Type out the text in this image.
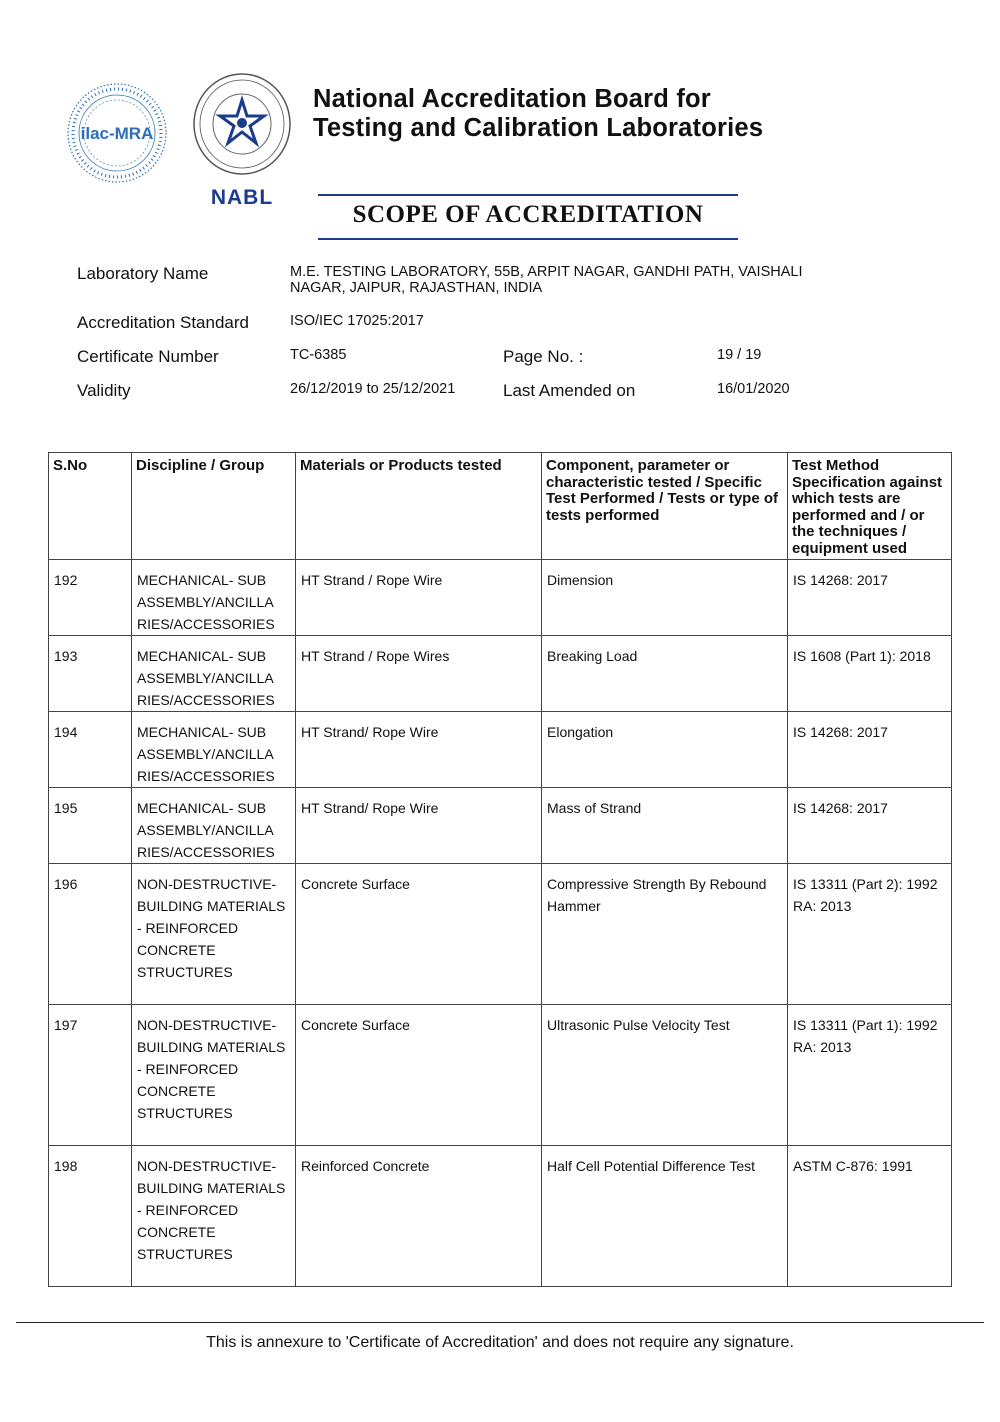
ilac-MRA
NABL
National Accreditation Board for
Testing and Calibration Laboratories
SCOPE OF ACCREDITATION
Laboratory Name	M.E. TESTING LABORATORY, 55B, ARPIT NAGAR, GANDHI PATH, VAISHALI
NAGAR, JAIPUR, RAJASTHAN, INDIA
Accreditation Standard	ISO/IEC 17025:2017
Certificate Number	TC-6385	Page No. :	19 / 19
Validity	26/12/2019 to 25/12/2021	Last Amended on	16/01/2020
S.No	Discipline / Group	Materials or Products tested	Component, parameter or characteristic tested / Specific Test Performed / Tests or type of tests performed	Test Method Specification against which tests are performed and / or the techniques / equipment used
192	MECHANICAL- SUB ASSEMBLY/ANCILLA RIES/ACCESSORIES	HT Strand / Rope Wire	Dimension	IS 14268: 2017
193	MECHANICAL- SUB ASSEMBLY/ANCILLA RIES/ACCESSORIES	HT Strand / Rope Wires	Breaking Load	IS 1608 (Part 1): 2018
194	MECHANICAL- SUB ASSEMBLY/ANCILLA RIES/ACCESSORIES	HT Strand/ Rope Wire	Elongation	IS 14268: 2017
195	MECHANICAL- SUB ASSEMBLY/ANCILLA RIES/ACCESSORIES	HT Strand/ Rope Wire	Mass of Strand	IS 14268: 2017
196	NON-DESTRUCTIVE- BUILDING MATERIALS - REINFORCED CONCRETE STRUCTURES	Concrete Surface	Compressive Strength By Rebound Hammer	IS 13311 (Part 2): 1992 RA: 2013
197	NON-DESTRUCTIVE- BUILDING MATERIALS - REINFORCED CONCRETE STRUCTURES	Concrete Surface	Ultrasonic Pulse Velocity Test	IS 13311 (Part 1): 1992 RA: 2013
198	NON-DESTRUCTIVE- BUILDING MATERIALS - REINFORCED CONCRETE STRUCTURES	Reinforced Concrete	Half Cell Potential Difference Test	ASTM C-876: 1991
This is annexure to 'Certificate of Accreditation' and does not require any signature.
